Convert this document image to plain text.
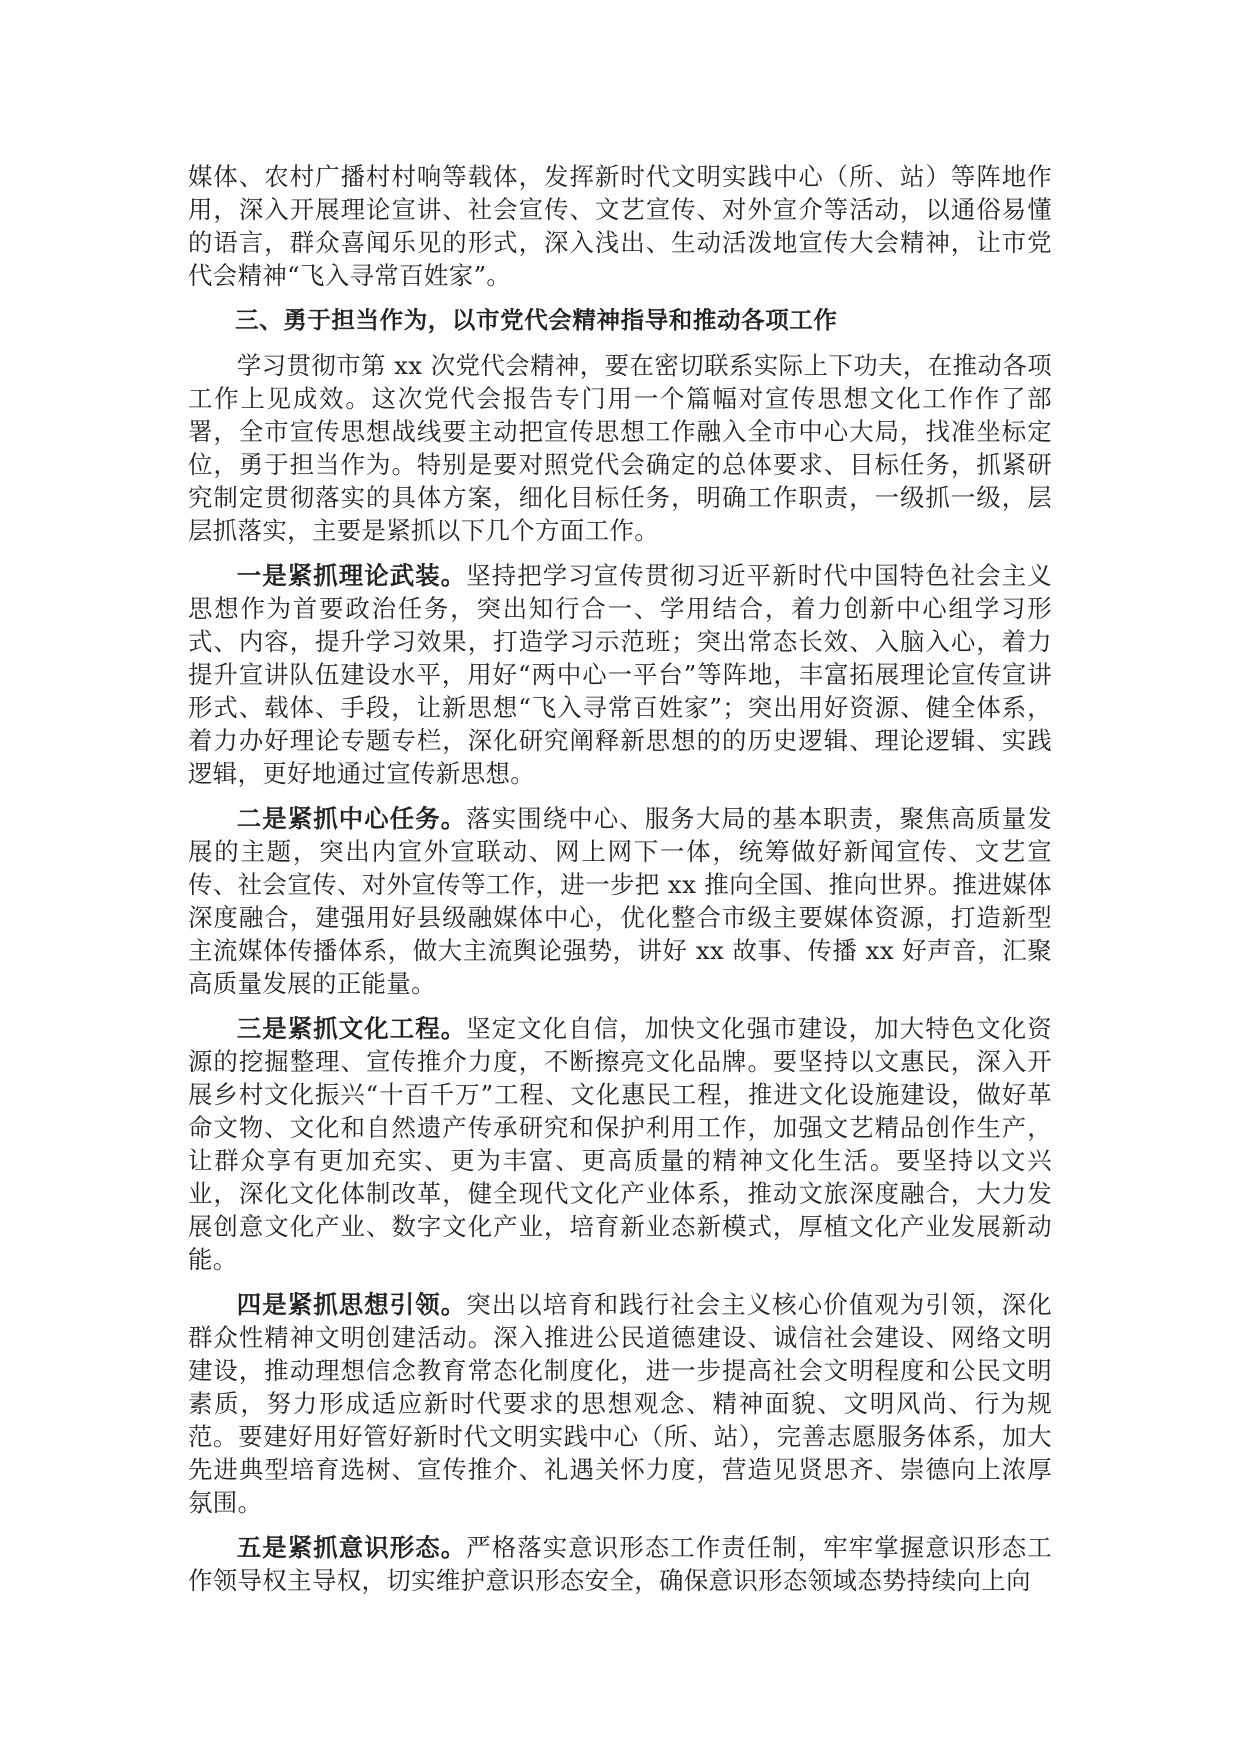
媒体、农村广播村村响等载体，发挥新时代文明实践中心（所、站）等阵地作用，深入开展理论宣讲、社会宣传、文艺宣传、对外宣介等活动，以通俗易懂的语言，群众喜闻乐见的形式，深入浅出、生动活泼地宣传大会精神，让市党代会精神“飞入寻常百姓家”。

三、勇于担当作为，以市党代会精神指导和推动各项工作

学习贯彻市第 xx 次党代会精神，要在密切联系实际上下功夫，在推动各项工作上见成效。这次党代会报告专门用一个篇幅对宣传思想文化工作作了部署，全市宣传思想战线要主动把宣传思想工作融入全市中心大局，找准坐标定位，勇于担当作为。特别是要对照党代会确定的总体要求、目标任务，抓紧研究制定贯彻落实的具体方案，细化目标任务，明确工作职责，一级抓一级，层层抓落实，主要是紧抓以下几个方面工作。

一是紧抓理论武装。坚持把学习宣传贯彻习近平新时代中国特色社会主义思想作为首要政治任务，突出知行合一、学用结合，着力创新中心组学习形式、内容，提升学习效果，打造学习示范班；突出常态长效、入脑入心，着力提升宣讲队伍建设水平，用好“两中心一平台”等阵地，丰富拓展理论宣传宣讲形式、载体、手段，让新思想“飞入寻常百姓家”；突出用好资源、健全体系，着力办好理论专题专栏，深化研究阐释新思想的的历史逻辑、理论逻辑、实践逻辑，更好地通过宣传新思想。

二是紧抓中心任务。落实围绕中心、服务大局的基本职责，聚焦高质量发展的主题，突出内宣外宣联动、网上网下一体，统筹做好新闻宣传、文艺宣传、社会宣传、对外宣传等工作，进一步把 xx 推向全国、推向世界。推进媒体深度融合，建强用好县级融媒体中心，优化整合市级主要媒体资源，打造新型主流媒体传播体系，做大主流舆论强势，讲好 xx 故事、传播 xx 好声音，汇聚高质量发展的正能量。

三是紧抓文化工程。坚定文化自信，加快文化强市建设，加大特色文化资源的挖掘整理、宣传推介力度，不断擦亮文化品牌。要坚持以文惠民，深入开展乡村文化振兴“十百千万”工程、文化惠民工程，推进文化设施建设，做好革命文物、文化和自然遗产传承研究和保护利用工作，加强文艺精品创作生产，让群众享有更加充实、更为丰富、更高质量的精神文化生活。要坚持以文兴业，深化文化体制改革，健全现代文化产业体系，推动文旅深度融合，大力发展创意文化产业、数字文化产业，培育新业态新模式，厚植文化产业发展新动能。

四是紧抓思想引领。突出以培育和践行社会主义核心价值观为引领，深化群众性精神文明创建活动。深入推进公民道德建设、诚信社会建设、网络文明建设，推动理想信念教育常态化制度化，进一步提高社会文明程度和公民文明素质，努力形成适应新时代要求的思想观念、精神面貌、文明风尚、行为规范。要建好用好管好新时代文明实践中心（所、站），完善志愿服务体系，加大先进典型培育选树、宣传推介、礼遇关怀力度，营造见贤思齐、崇德向上浓厚氛围。

五是紧抓意识形态。严格落实意识形态工作责任制，牢牢掌握意识形态工作领导权主导权，切实维护意识形态安全，确保意识形态领域态势持续向上向
